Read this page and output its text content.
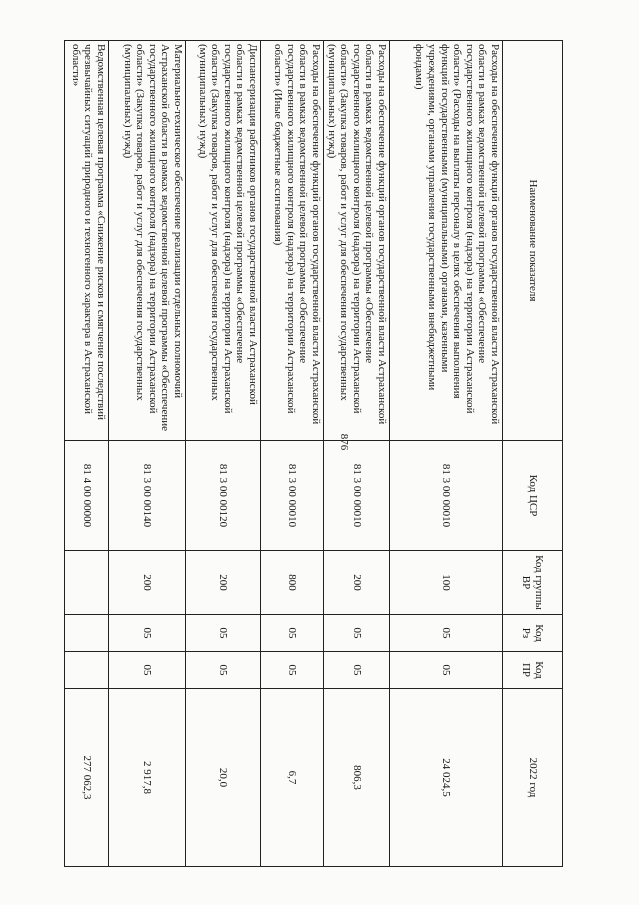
876
Наименование показателя	Код ЦСР	Код группы ВР	Код Рз	Код ПР	2022 год
Расходы на обеспечение функций органов государственной власти Астраханской области в рамках ведомственной целевой программы «Обеспечение государственного жилищного контроля (надзора) на территории Астраханской области» (Расходы на выплаты персоналу в целях обеспечения выполнения функций государственными (муниципальными) органами, казенными учреждениями, органами управления государственными внебюджетными фондами)	81 3 00 00010	100	05	05	24 024,5
Расходы на обеспечение функций органов государственной власти Астраханской области в рамках ведомственной целевой программы «Обеспечение государственного жилищного контроля (надзора) на территории Астраханской области» (Закупка товаров, работ и услуг для обеспечения государственных (муниципальных) нужд)	81 3 00 00010	200	05	05	806,3
Расходы на обеспечение функций органов государственной власти Астраханской области в рамках ведомственной целевой программы «Обеспечение государственного жилищного контроля (надзора) на территории Астраханской области» (Иные бюджетные ассигнования)	81 3 00 00010	800	05	05	6,7
Диспансеризация работников органов государственной власти Астраханской области в рамках ведомственной целевой программы «Обеспечение государственного жилищного контроля (надзора) на территории Астраханской области» (Закупка товаров, работ и услуг для обеспечения государственных (муниципальных) нужд)	81 3 00 00120	200	05	05	20,0
Материально-техническое обеспечение реализации отдельных полномочий Астраханской области в рамках ведомственной целевой программы «Обеспечение государственного жилищного контроля (надзора) на территории Астраханской области» (Закупка товаров, работ и услуг для обеспечения государственных (муниципальных) нужд)	81 3 00 00140	200	05	05	2 917,8
Ведомственная целевая программа «Снижение рисков и смягчение последствий чрезвычайных ситуаций природного и техногенного характера в Астраханской области»	81 4 00 00000				277 062,3
